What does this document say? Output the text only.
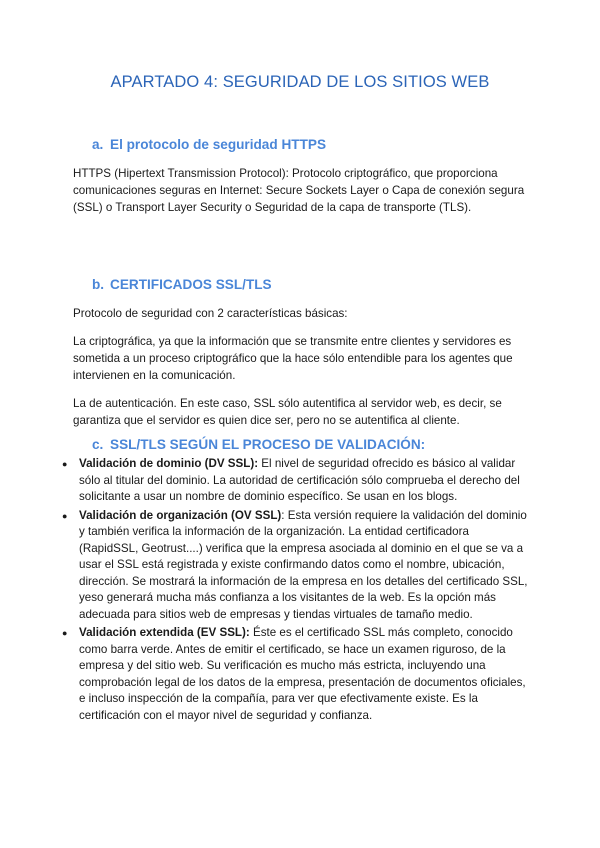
APARTADO 4: SEGURIDAD DE LOS SITIOS WEB
a. El protocolo de seguridad HTTPS

HTTPS (Hipertext Transmission Protocol): Protocolo criptográfico, que proporciona comunicaciones seguras en Internet: Secure Sockets Layer o Capa de conexión segura (SSL) o Transport Layer Security o Seguridad de la capa de transporte (TLS).

b. CERTIFICADOS SSL/TLS

Protocolo de seguridad con 2 características básicas:

La criptográfica, ya que la información que se transmite entre clientes y servidores es sometida a un proceso criptográfico que la hace sólo entendible para los agentes que intervienen en la comunicación.

La de autenticación. En este caso, SSL sólo autentifica al servidor web, es decir, se garantiza que el servidor es quien dice ser, pero no se autentifica al cliente.

c. SSL/TLS SEGÚN EL PROCESO DE VALIDACIÓN:
● Validación de dominio (DV SSL): El nivel de seguridad ofrecido es básico al validar sólo al titular del dominio. La autoridad de certificación sólo comprueba el derecho del solicitante a usar un nombre de dominio específico. Se usan en los blogs.
● Validación de organización (OV SSL): Esta versión requiere la validación del dominio y también verifica la información de la organización. La entidad certificadora (RapidSSL, Geotrust....) verifica que la empresa asociada al dominio en el que se va a usar el SSL está registrada y existe confirmando datos como el nombre, ubicación, dirección. Se mostrará la información de la empresa en los detalles del certificado SSL, yeso generará mucha más confianza a los visitantes de la web. Es la opción más adecuada para sitios web de empresas y tiendas virtuales de tamaño medio.
● Validación extendida (EV SSL): Éste es el certificado SSL más completo, conocido como barra verde. Antes de emitir el certificado, se hace un examen riguroso, de la empresa y del sitio web. Su verificación es mucho más estricta, incluyendo una comprobación legal de los datos de la empresa, presentación de documentos oficiales, e incluso inspección de la compañía, para ver que efectivamente existe. Es la certificación con el mayor nivel de seguridad y confianza.
